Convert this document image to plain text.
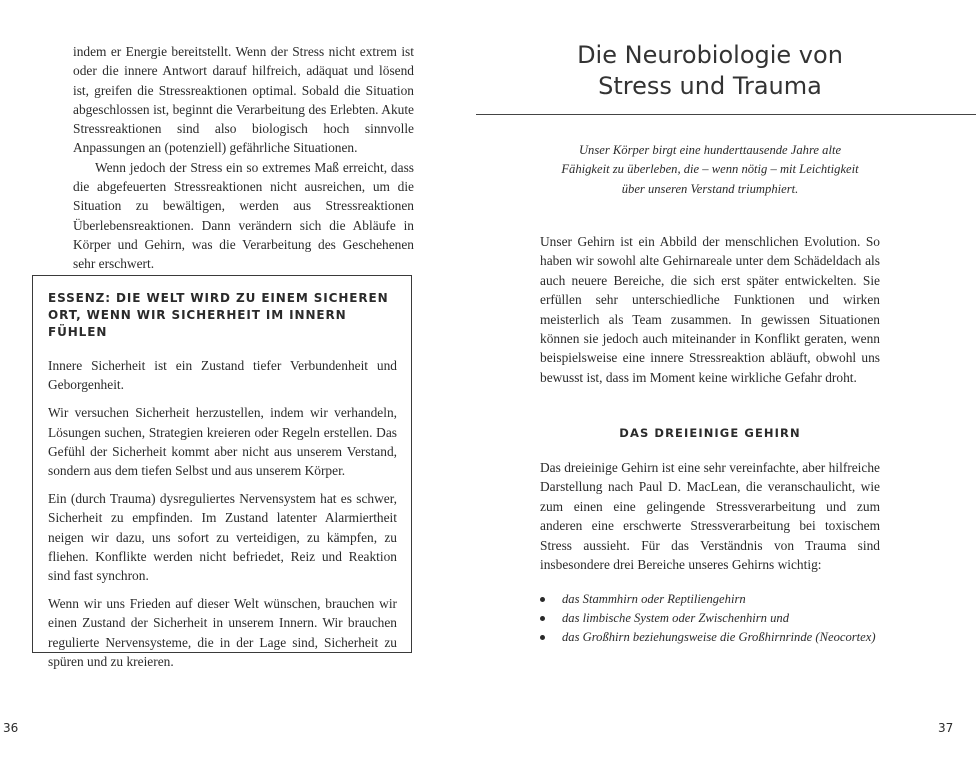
indem er Energie bereitstellt. Wenn der Stress nicht extrem ist oder die innere Antwort darauf hilfreich, adäquat und lösend ist, greifen die Stressreaktionen optimal. Sobald die Situation abgeschlossen ist, beginnt die Verarbeitung des Erlebten. Akute Stressreaktionen sind also biologisch hoch sinnvolle Anpassungen an (potenziell) gefährliche Situationen.

Wenn jedoch der Stress ein so extremes Maß erreicht, dass die abgefeuerten Stressreaktionen nicht ausreichen, um die Situation zu bewältigen, werden aus Stressreaktionen Überlebensreaktionen. Dann verändern sich die Abläufe in Körper und Gehirn, was die Verarbeitung des Geschehenen sehr erschwert.

ESSENZ: DIE WELT WIRD ZU EINEM SICHEREN ORT, WENN WIR SICHERHEIT IM INNERN FÜHLEN

Innere Sicherheit ist ein Zustand tiefer Verbundenheit und Geborgenheit.

Wir versuchen Sicherheit herzustellen, indem wir verhandeln, Lösungen suchen, Strategien kreieren oder Regeln erstellen. Das Gefühl der Sicherheit kommt aber nicht aus unserem Verstand, sondern aus dem tiefen Selbst und aus unserem Körper.

Ein (durch Trauma) dysreguliertes Nervensystem hat es schwer, Sicherheit zu empfinden. Im Zustand latenter Alarmiertheit neigen wir dazu, uns sofort zu verteidigen, zu kämpfen, zu fliehen. Konflikte werden nicht befriedet, Reiz und Reaktion sind fast synchron.

Wenn wir uns Frieden auf dieser Welt wünschen, brauchen wir einen Zustand der Sicherheit in unserem Innern. Wir brauchen regulierte Nervensysteme, die in der Lage sind, Sicherheit zu spüren und zu kreieren.

36
Die Neurobiologie von
Stress und Trauma
Unser Körper birgt eine hunderttausende Jahre alte
Fähigkeit zu überleben, die – wenn nötig – mit Leichtigkeit
über unseren Verstand triumphiert.

Unser Gehirn ist ein Abbild der menschlichen Evolution. So haben wir sowohl alte Gehirnareale unter dem Schädeldach als auch neuere Bereiche, die sich erst später entwickelten. Sie erfüllen sehr unterschiedliche Funktionen und wirken meisterlich als Team zusammen. In gewissen Situationen können sie jedoch auch miteinander in Konflikt geraten, wenn beispielsweise eine innere Stressreaktion abläuft, obwohl uns bewusst ist, dass im Moment keine wirkliche Gefahr droht.

DAS DREIEINIGE GEHIRN

Das dreieinige Gehirn ist eine sehr vereinfachte, aber hilfreiche Darstellung nach Paul D. MacLean, die veranschaulicht, wie zum einen eine gelingende Stressverarbeitung und zum anderen eine erschwerte Stressverarbeitung bei toxischem Stress aussieht. Für das Verständnis von Trauma sind insbesondere drei Bereiche unseres Gehirns wichtig:

das Stammhirn oder Reptiliengehirn
das limbische System oder Zwischenhirn und
das Großhirn beziehungsweise die Großhirnrinde (Neocortex)
37
